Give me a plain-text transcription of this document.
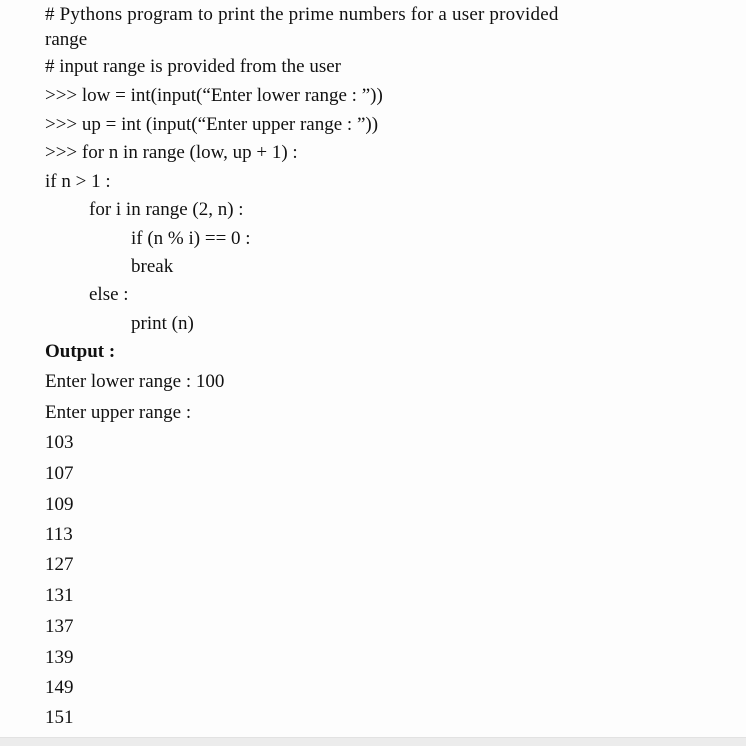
# Pythons program to print the prime numbers for a user provided
range
# input range is provided from the user
>>> low = int(input(“Enter lower range : ”))
>>> up = int (input(“Enter upper range : ”))
>>> for n in range (low, up + 1) :
if n > 1 :
for i in range (2, n) :
if (n % i) == 0 :
break
else :
print (n)
Output :
Enter lower range : 100
Enter upper range :
103
107
109
113
127
131
137
139
149
151
